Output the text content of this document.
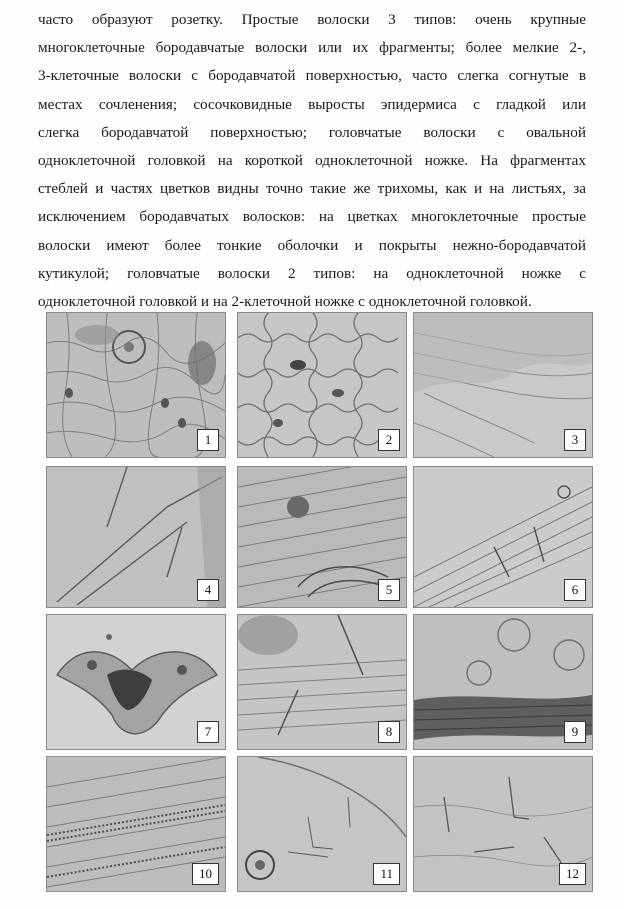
часто образуют розетку. Простые волоски 3 типов: очень крупные
многоклеточные бородавчатые волоски или их фрагменты; более мелкие 2-,
3-клеточные волоски с бородавчатой поверхностью, часто слегка согнутые в
местах сочленения; сосочковидные выросты эпидермиса с гладкой или
слегка бородавчатой поверхностью; головчатые волоски с овальной
одноклеточной головкой на короткой одноклеточной ножке. На фрагментах
стеблей и частях цветков видны точно такие же трихомы, как и на листьях, за
исключением бородавчатых волосков: на цветках многоклеточные простые
волоски имеют более тонкие оболочки и покрыты нежно-бородавчатой
кутикулой; головчатые волоски 2 типов: на одноклеточной ножке с
одноклеточной головкой и на 2-клеточной ножке с одноклеточной головкой.
1	2	3
4	5	6
7	8	9
10	11	12
